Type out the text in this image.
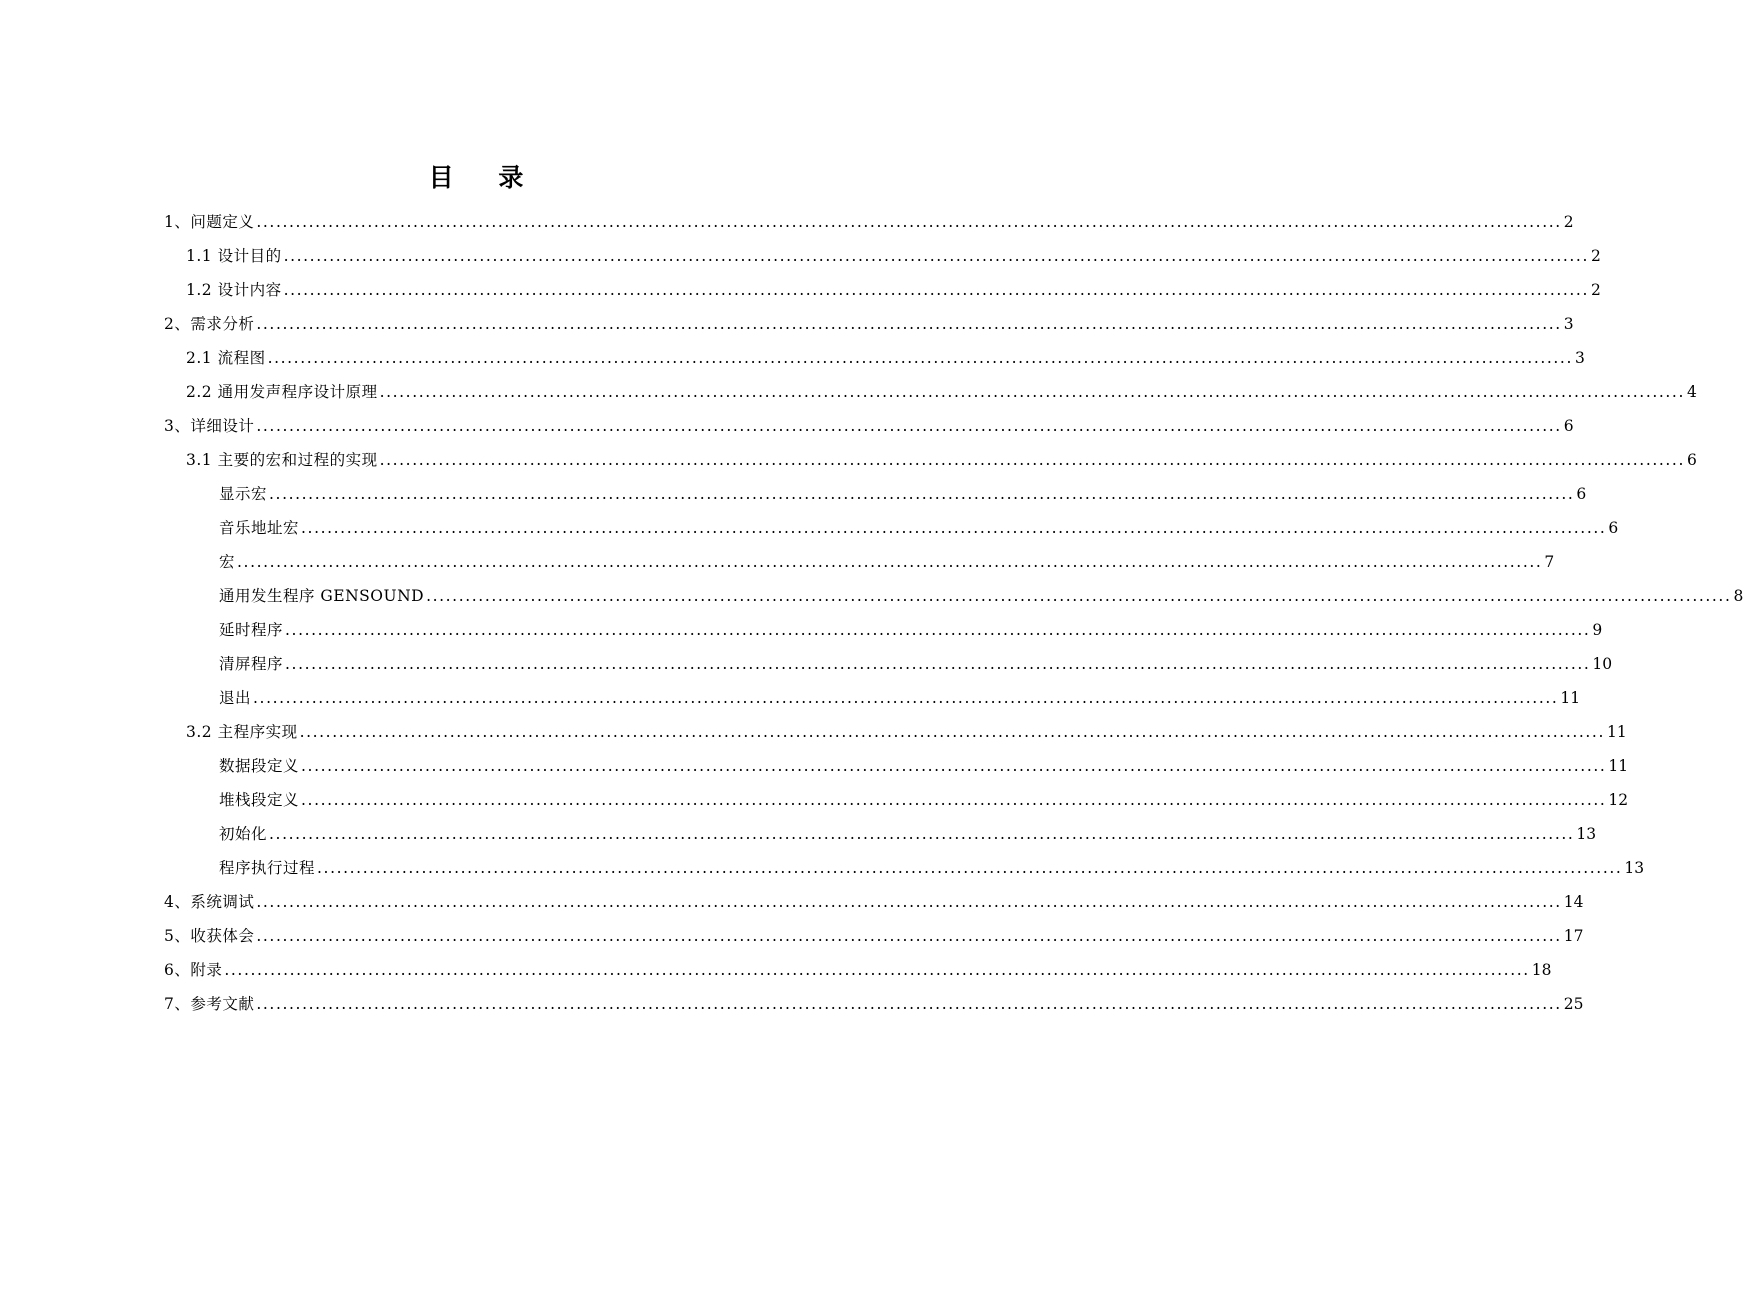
目 录
1、问题定义 ........................................................................................................................................................................................................ 2
1.1 设计目的 ........................................................................................................................................................................................................ 2
1.2 设计内容 ........................................................................................................................................................................................................ 2
2、需求分析 ........................................................................................................................................................................................................ 3
2.1 流程图 ........................................................................................................................................................................................................ 3
2.2 通用发声程序设计原理 ........................................................................................................................................................................................................ 4
3、详细设计 ........................................................................................................................................................................................................ 6
3.1 主要的宏和过程的实现 ........................................................................................................................................................................................................ 6
显示宏 ........................................................................................................................................................................................................ 6
音乐地址宏 ........................................................................................................................................................................................................ 6
宏 ........................................................................................................................................................................................................ 7
通用发生程序 GENSOUND ........................................................................................................................................................................................................ 8
延时程序 ........................................................................................................................................................................................................ 9
清屏程序 ........................................................................................................................................................................................................ 10
退出 ........................................................................................................................................................................................................ 11
3.2 主程序实现 ........................................................................................................................................................................................................ 11
数据段定义 ........................................................................................................................................................................................................ 11
堆栈段定义 ........................................................................................................................................................................................................ 12
初始化 ........................................................................................................................................................................................................ 13
程序执行过程 ........................................................................................................................................................................................................ 13
4、系统调试 ........................................................................................................................................................................................................ 14
5、收获体会 ........................................................................................................................................................................................................ 17
6、附录 ........................................................................................................................................................................................................ 18
7、参考文献 ........................................................................................................................................................................................................ 25
